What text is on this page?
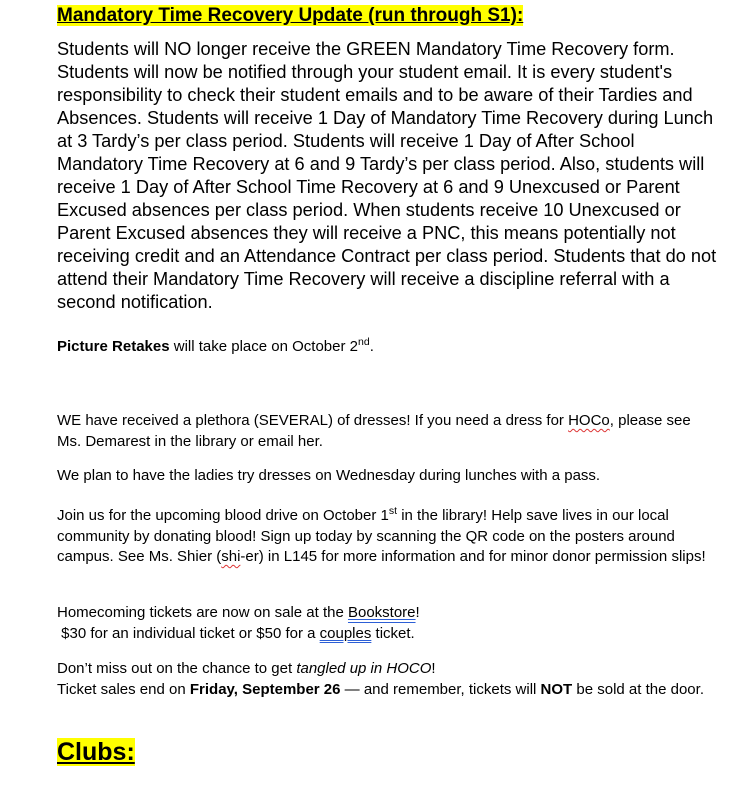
Mandatory Time Recovery Update (run through S1):
Students will NO longer receive the GREEN Mandatory Time Recovery form. Students will now be notified through your student email. It is every student's responsibility to check their student emails and to be aware of their Tardies and Absences. Students will receive 1 Day of Mandatory Time Recovery during Lunch at 3 Tardy’s per class period. Students will receive 1 Day of After School Mandatory Time Recovery at 6 and 9 Tardy’s per class period. Also, students will receive 1 Day of After School Time Recovery at 6 and 9 Unexcused or Parent Excused absences per class period. When students receive 10 Unexcused or Parent Excused absences they will receive a PNC, this means potentially not receiving credit and an Attendance Contract per class period. Students that do not attend their Mandatory Time Recovery will receive a discipline referral with a second notification.
Picture Retakes will take place on October 2nd.
WE have received a plethora (SEVERAL) of dresses! If you need a dress for HOCo, please see Ms. Demarest in the library or email her.
We plan to have the ladies try dresses on Wednesday during lunches with a pass.
Join us for the upcoming blood drive on October 1st in the library! Help save lives in our local community by donating blood! Sign up today by scanning the QR code on the posters around campus. See Ms. Shier (shi-er) in L145 for more information and for minor donor permission slips!
Homecoming tickets are now on sale at the Bookstore!
$30 for an individual ticket or $50 for a couples ticket.
Don’t miss out on the chance to get tangled up in HOCO!
Ticket sales end on Friday, September 26 — and remember, tickets will NOT be sold at the door.
Clubs:
